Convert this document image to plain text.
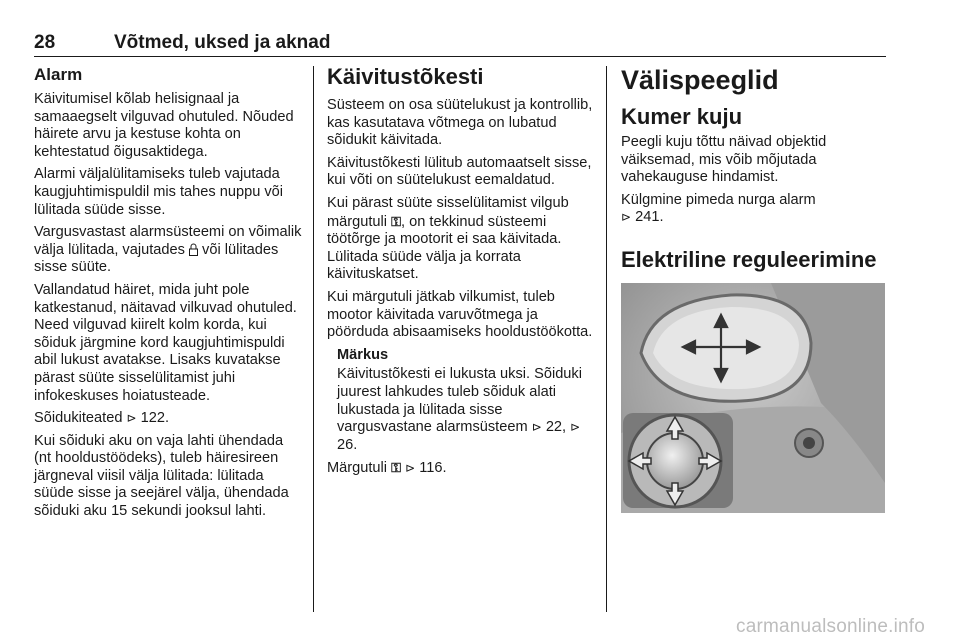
28	Võtmed, uksed ja aknad
Alarm

Käivitumisel kõlab helisignaal ja samaaegselt vilguvad ohutuled. Nõuded häirete arvu ja kestuse kohta on kehtestatud õigusaktidega.

Alarmi väljalülitamiseks tuleb vajutada kaugjuhtimispuldil mis tahes nuppu või lülitada süüde sisse.

Vargusvastast alarmsüsteemi on võimalik välja lülitada, vajutades või lülitades sisse süüte.

Vallandatud häiret, mida juht pole katkestanud, näitavad vilkuvad ohutuled. Need vilguvad kiirelt kolm korda, kui sõiduk järgmine kord kaugjuhtimispuldi abil lukust avatakse. Lisaks kuvatakse pärast süüte sisselülitamist juhi infokeskuses hoiatusteade.

Sõidukiteated ⊳ 122.

Kui sõiduki aku on vaja lahti ühendada (nt hooldustöödeks), tuleb häiresireen järgneval viisil välja lülitada: lülitada süüde sisse ja seejärel välja, ühendada sõiduki aku 15 sekundi jooksul lahti.

Käivitustõkesti

Süsteem on osa süütelukust ja kontrollib, kas kasutatava võtmega on lubatud sõidukit käivitada.

Käivitustõkesti lülitub automaatselt sisse, kui võti on süütelukust eemaldatud.

Kui pärast süüte sisselülitamist vilgub märgutuli ⚿, on tekkinud süsteemi töötõrge ja mootorit ei saa käivitada. Lülitada süüde välja ja korrata käivituskatset.

Kui märgutuli jätkab vilkumist, tuleb mootor käivitada varuvõtmega ja pöörduda abisaamiseks hooldustöökotta.

Märkus

Käivitustõkesti ei lukusta uksi. Sõiduki juurest lahkudes tuleb sõiduk alati lukustada ja lülitada sisse vargusvastane alarmsüsteem ⊳ 22, ⊳ 26.

Märgutuli ⚿ ⊳ 116.

Välispeeglid
Kumer kuju

Peegli kuju tõttu näivad objektid väiksemad, mis võib mõjutada vahekauguse hindamist.

Külgmine pimeda nurga alarm
⊳ 241.

Elektriline reguleerimine
carmanualsonline.info
